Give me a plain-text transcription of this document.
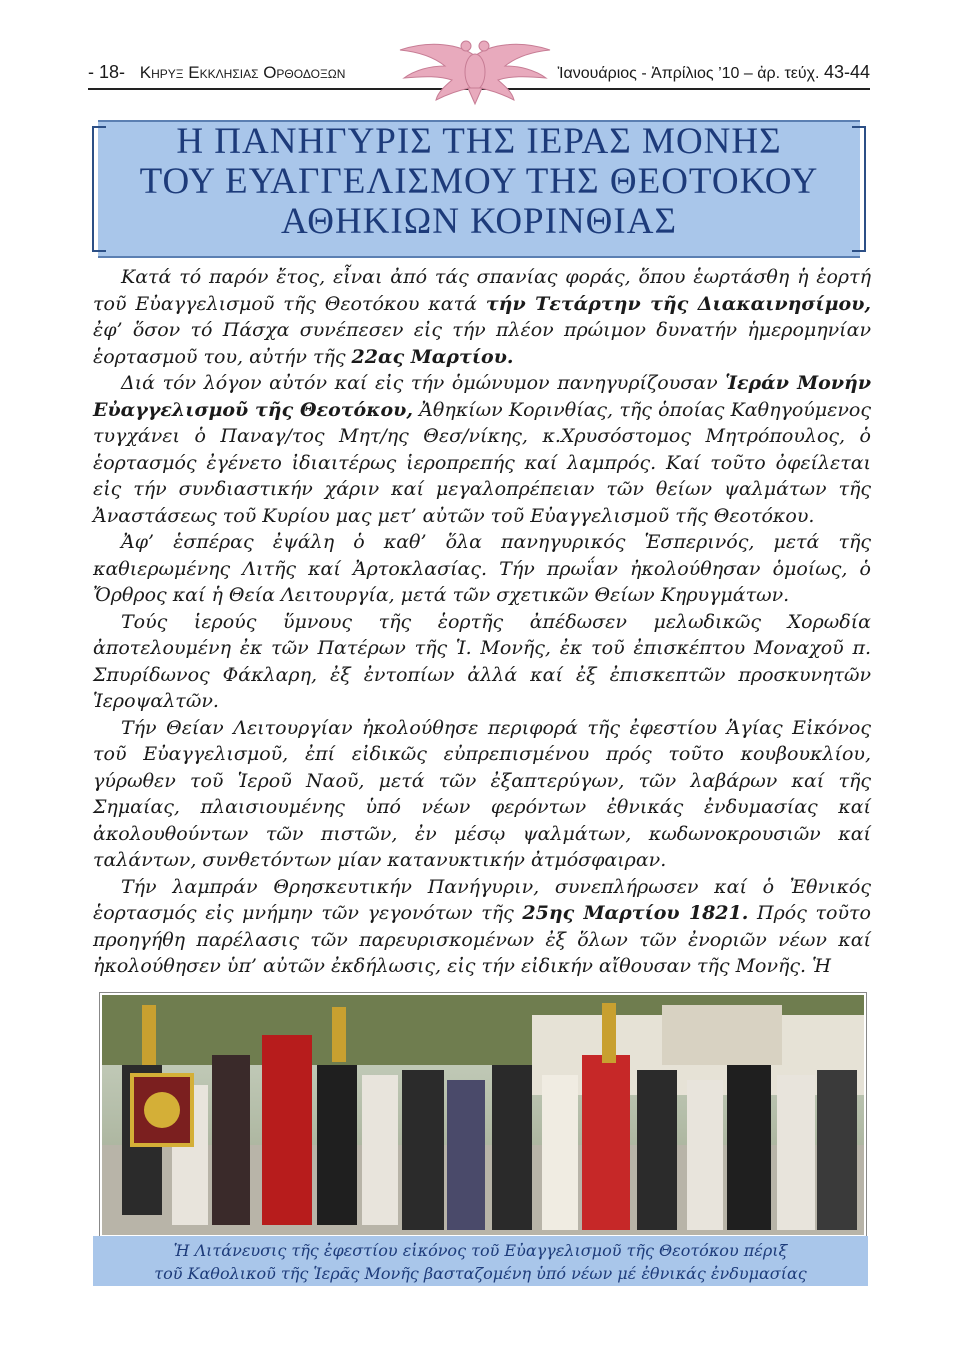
- 18- Κηρυξ Εκκλησιας Ορθοδοξων	Ἰανουάριος - Ἀπρίλιος ’10 – ἀρ. τεύχ. 43-44
Η ΠΑΝΗΓΥΡΙΣ ΤΗΣ ΙΕΡΑΣ ΜΟΝΗΣ
ΤΟΥ ΕΥΑΓΓΕΛΙΣΜΟΥ ΤΗΣ ΘΕΟΤΟΚΟΥ
ΑΘΗΚΙΩΝ ΚΟΡΙΝΘΙΑΣ

Κατά τό παρόν ἔτος, εἶναι ἀπό τάς σπανίας φοράς, ὅπου ἑωρτάσθη ἡ ἑορτή τοῦ Εὐαγγελισμοῦ τῆς Θεοτόκου κατά τήν Τετάρτην τῆς Διακαινησίμου, ἐφ’ ὅσον τό Πάσχα συνέπεσεν εἰς τήν πλέον πρώιμον δυνατήν ἡμερομηνίαν ἑορτασμοῦ του, αὐτήν τῆς 22ας Μαρτίου.

Διά τόν λόγον αὐτόν καί εἰς τήν ὁμώνυμον πανηγυρίζουσαν Ἱεράν Μονήν Εὐαγγελισμοῦ τῆς Θεοτόκου, Ἀθηκίων Κορινθίας, τῆς ὁποίας Καθηγούμενος τυγχάνει ὁ Παναγ/τος Μητ/ης Θεσ/νίκης, κ.Χρυσόστομος Μητρόπουλος, ὁ ἑορτασμός ἐγένετο ἰδιαιτέρως ἱεροπρεπής καί λαμπρός. Καί τοῦτο ὀφείλεται εἰς τήν συνδιαστικήν χάριν καί μεγαλοπρέπειαν τῶν θείων ψαλμάτων τῆς Ἀναστάσεως τοῦ Κυρίου μας μετ’ αὐτῶν τοῦ Εὐαγγελισμοῦ τῆς Θεοτόκου.

Ἀφ’ ἑσπέρας ἐψάλη ὁ καθ’ ὅλα πανηγυρικός Ἑσπερινός, μετά τῆς καθιερωμένης Λιτῆς καί Ἀρτοκλασίας. Τήν πρωΐαν ἠκολούθησαν ὁμοίως, ὁ Ὄρθρος καί ἡ Θεία Λειτουργία, μετά τῶν σχετικῶν Θείων Κηρυγμάτων.

Τούς ἱερούς ὕμνους τῆς ἑορτῆς ἀπέδωσεν μελωδικῶς Χορωδία ἀποτελουμένη ἐκ τῶν Πατέρων τῆς Ἱ. Μονῆς, ἐκ τοῦ ἐπισκέπτου Μοναχοῦ π. Σπυρίδωνος Φάκλαρη, ἐξ ἐντοπίων ἀλλά καί ἐξ ἐπισκεπτῶν προσκυνητῶν Ἱεροψαλτῶν.

Τήν Θείαν Λειτουργίαν ἠκολούθησε περιφορά τῆς ἐφεστίου Ἁγίας Εἰκόνος τοῦ Εὐαγγελισμοῦ, ἐπί εἰδικῶς εὐπρεπισμένου πρός τοῦτο κουβουκλίου, γύρωθεν τοῦ Ἱεροῦ Ναοῦ, μετά τῶν ἐξαπτερύγων, τῶν λαβάρων καί τῆς Σημαίας, πλαισιουμένης ὑπό νέων φερόντων ἐθνικάς ἐνδυμασίας καί ἀκολουθούντων τῶν πιστῶν, ἐν μέσῳ ψαλμάτων, κωδωνοκρουσιῶν καί ταλάντων, συνθετόντων μίαν κατανυκτικήν ἀτμόσφαιραν.

Τήν λαμπράν Θρησκευτικήν Πανήγυριν, συνεπλήρωσεν καί ὁ Ἐθνικός ἑορτασμός εἰς μνήμην τῶν γεγονότων τῆς 25ης Μαρτίου 1821. Πρός τοῦτο προηγήθη παρέλασις τῶν παρευρισκομένων ἐξ ὅλων τῶν ἐνοριῶν νέων καί ἠκολούθησεν ὑπ’ αὐτῶν ἐκδήλωσις, εἰς τήν εἰδικήν αἴθουσαν τῆς Μονῆς. Ἡ

Ἡ Λιτάνευσις τῆς ἐφεστίου εἰκόνος τοῦ Εὐαγγελισμοῦ τῆς Θεοτόκου πέριξ
τοῦ Καθολικοῦ τῆς Ἱερᾶς Μονῆς βασταζομένη ὑπό νέων μέ ἐθνικάς ἐνδυμασίας
